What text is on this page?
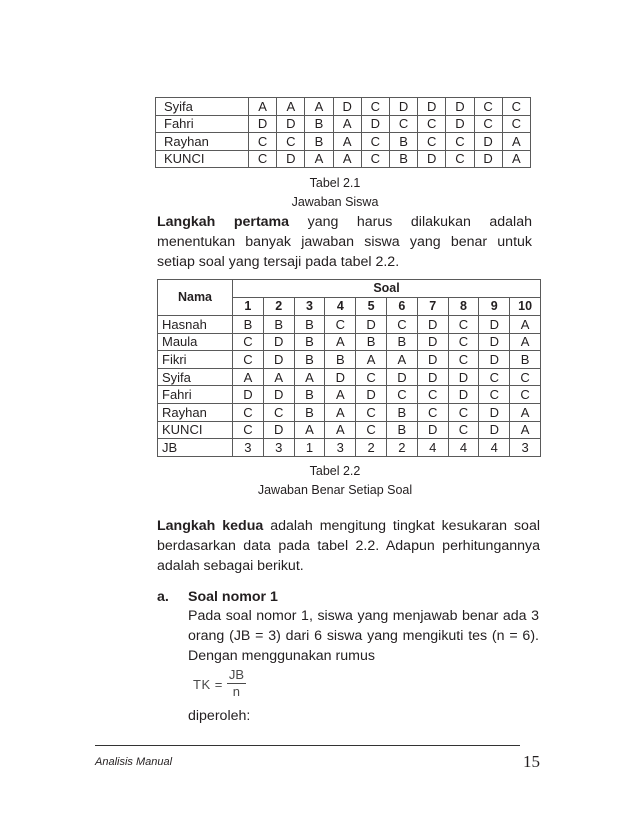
Syifa	A	A	A	D	C	D	D	D	C	C
Fahri	D	D	B	A	D	C	C	D	C	C
Rayhan	C	C	B	A	C	B	C	C	D	A
KUNCI	C	D	A	A	C	B	D	C	D	A
Tabel 2.1
Jawaban Siswa

Langkah pertama yang harus dilakukan adalah menentukan banyak jawaban siswa yang benar untuk setiap soal yang tersaji pada tabel 2.2.

Nama	Soal									
	1	2	3	4	5	6	7	8	9	10
Hasnah	B	B	B	C	D	C	D	C	D	A
Maula	C	D	B	A	B	B	D	C	D	A
Fikri	C	D	B	B	A	A	D	C	D	B
Syifa	A	A	A	D	C	D	D	D	C	C
Fahri	D	D	B	A	D	C	C	D	C	C
Rayhan	C	C	B	A	C	B	C	C	D	A
KUNCI	C	D	A	A	C	B	D	C	D	A
JB	3	3	1	3	2	2	4	4	4	3
Tabel 2.2
Jawaban Benar Setiap Soal

Langkah kedua adalah mengitung tingkat kesukaran soal berdasarkan data pada tabel 2.2. Adapun perhitungannya adalah sebagai berikut.

a. Soal nomor 1

Pada soal nomor 1, siswa yang menjawab benar ada 3 orang (JB = 3) dari 6 siswa yang mengikuti tes (n = 6). Dengan menggunakan rumus

TK = $\frac{JB}{n}$
diperoleh:
Analisis Manual	15
